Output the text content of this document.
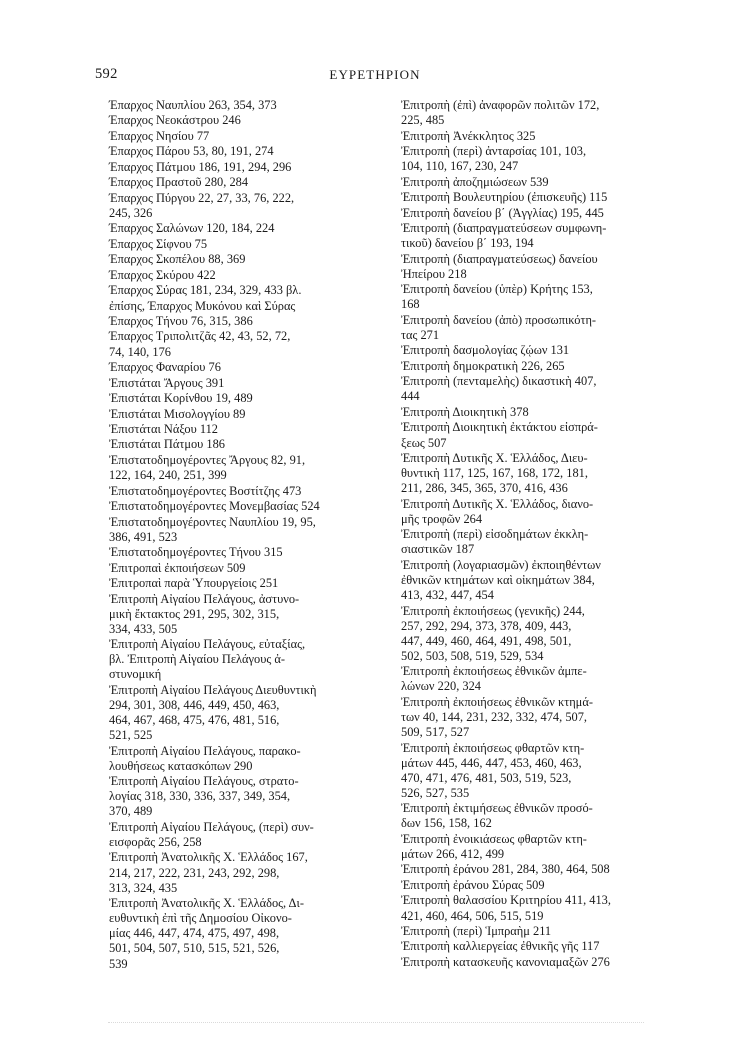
592	ΕΥΡΕΤΗΡΙΟΝ
Έπαρχος Ναυπλίου 263, 354, 373
Έπαρχος Νεοκάστρου 246
Έπαρχος Νησίου 77
Έπαρχος Πάρου 53, 80, 191, 274
Έπαρχος Πάτμου 186, 191, 294, 296
Έπαρχος Πραστοῦ 280, 284
Έπαρχος Πύργου 22, 27, 33, 76, 222,
245, 326
Έπαρχος Σαλώνων 120, 184, 224
Έπαρχος Σίφνου 75
Έπαρχος Σκοπέλου 88, 369
Έπαρχος Σκύρου 422
Έπαρχος Σύρας 181, 234, 329, 433 βλ.
ἐπίσης, Έπαρχος Μυκόνου καὶ Σύρας
Έπαρχος Τήνου 76, 315, 386
Έπαρχος Τριπολιτζᾶς 42, 43, 52, 72,
74, 140, 176
Έπαρχος Φαναρίου 76
Ἐπιστάται Ἄργους 391
Ἐπιστάται Κορίνθου 19, 489
Ἐπιστάται Μισολογγίου 89
Ἐπιστάται Νάξου 112
Ἐπιστάται Πάτμου 186
Ἐπιστατοδημογέροντες Ἄργους 82, 91,
122, 164, 240, 251, 399
Ἐπιστατοδημογέροντες Βοστίτζης 473
Ἐπιστατοδημογέροντες Μονεμβασίας 524
Ἐπιστατοδημογέροντες Ναυπλίου 19, 95,
386, 491, 523
Ἐπιστατοδημογέροντες Τήνου 315
Ἐπιτροπαὶ ἐκποιήσεων 509
Ἐπιτροπαὶ παρὰ Ὑπουργείοις 251
Ἐπιτροπὴ Αἰγαίου Πελάγους, ἀστυνο-
μικὴ ἔκτακτος 291, 295, 302, 315,
334, 433, 505
Ἐπιτροπὴ Αἰγαίου Πελάγους, εὐταξίας,
βλ. Ἐπιτροπὴ Αἰγαίου Πελάγους ἀ-
στυνομική
Ἐπιτροπὴ Αἰγαίου Πελάγους Διευθυντικὴ
294, 301, 308, 446, 449, 450, 463,
464, 467, 468, 475, 476, 481, 516,
521, 525
Ἐπιτροπὴ Αἰγαίου Πελάγους, παρακο-
λουθήσεως κατασκόπων 290
Ἐπιτροπὴ Αἰγαίου Πελάγους, στρατο-
λογίας 318, 330, 336, 337, 349, 354,
370, 489
Ἐπιτροπὴ Αἰγαίου Πελάγους, (περὶ) συν-
εισφορᾶς 256, 258
Ἐπιτροπὴ Ἀνατολικῆς Χ. Ἑλλάδος 167,
214, 217, 222, 231, 243, 292, 298,
313, 324, 435
Ἐπιτροπὴ Ἀνατολικῆς Χ. Ἑλλάδος, Δι-
ευθυντικὴ ἐπὶ τῆς Δημοσίου Οἰκονο-
μίας 446, 447, 474, 475, 497, 498,
501, 504, 507, 510, 515, 521, 526,
539
Ἐπιτροπὴ (ἐπὶ) ἀναφορῶν πολιτῶν 172,
225, 485
Ἐπιτροπὴ Ἀνέκκλητος 325
Ἐπιτροπὴ (περὶ) ἀνταρσίας 101, 103,
104, 110, 167, 230, 247
Ἐπιτροπὴ ἀποζημιώσεων 539
Ἐπιτροπὴ Βουλευτηρίου (ἐπισκευῆς) 115
Ἐπιτροπὴ δανείου β΄ (Ἀγγλίας) 195, 445
Ἐπιτροπὴ (διαπραγματεύσεων συμφωνη-
τικοῦ) δανείου β΄ 193, 194
Ἐπιτροπὴ (διαπραγματεύσεως) δανείου
Ἠπείρου 218
Ἐπιτροπὴ δανείου (ὑπὲρ) Κρήτης 153,
168
Ἐπιτροπὴ δανείου (ἀπὸ) προσωπικότη-
τας 271
Ἐπιτροπὴ δασμολογίας ζῴων 131
Ἐπιτροπὴ δημοκρατικὴ 226, 265
Ἐπιτροπὴ (πενταμελὴς) δικαστικὴ 407,
444
Ἐπιτροπὴ Διοικητικὴ 378
Ἐπιτροπὴ Διοικητικὴ ἐκτάκτου εἰσπρά-
ξεως 507
Ἐπιτροπὴ Δυτικῆς Χ. Ἑλλάδος, Διευ-
θυντικὴ 117, 125, 167, 168, 172, 181,
211, 286, 345, 365, 370, 416, 436
Ἐπιτροπὴ Δυτικῆς Χ. Ἑλλάδος, διανο-
μῆς τροφῶν 264
Ἐπιτροπὴ (περὶ) εἰσοδημάτων ἐκκλη-
σιαστικῶν 187
Ἐπιτροπὴ (λογαριασμῶν) ἐκποιηθέντων
ἐθνικῶν κτημάτων καὶ οἰκημάτων 384,
413, 432, 447, 454
Ἐπιτροπὴ ἐκποιήσεως (γενικῆς) 244,
257, 292, 294, 373, 378, 409, 443,
447, 449, 460, 464, 491, 498, 501,
502, 503, 508, 519, 529, 534
Ἐπιτροπὴ ἐκποιήσεως ἐθνικῶν ἀμπε-
λώνων 220, 324
Ἐπιτροπὴ ἐκποιήσεως ἐθνικῶν κτημά-
των 40, 144, 231, 232, 332, 474, 507,
509, 517, 527
Ἐπιτροπὴ ἐκποιήσεως φθαρτῶν κτη-
μάτων 445, 446, 447, 453, 460, 463,
470, 471, 476, 481, 503, 519, 523,
526, 527, 535
Ἐπιτροπὴ ἐκτιμήσεως ἐθνικῶν προσό-
δων 156, 158, 162
Ἐπιτροπὴ ἐνοικιάσεως φθαρτῶν κτη-
μάτων 266, 412, 499
Ἐπιτροπὴ ἐράνου 281, 284, 380, 464, 508
Ἐπιτροπὴ ἐράνου Σύρας 509
Ἐπιτροπὴ θαλασσίου Κριτηρίου 411, 413,
421, 460, 464, 506, 515, 519
Ἐπιτροπὴ (περὶ) Ἱμπραὴμ 211
Ἐπιτροπὴ καλλιεργείας ἐθνικῆς γῆς 117
Ἐπιτροπὴ κατασκευῆς κανονιαμαξῶν 276
